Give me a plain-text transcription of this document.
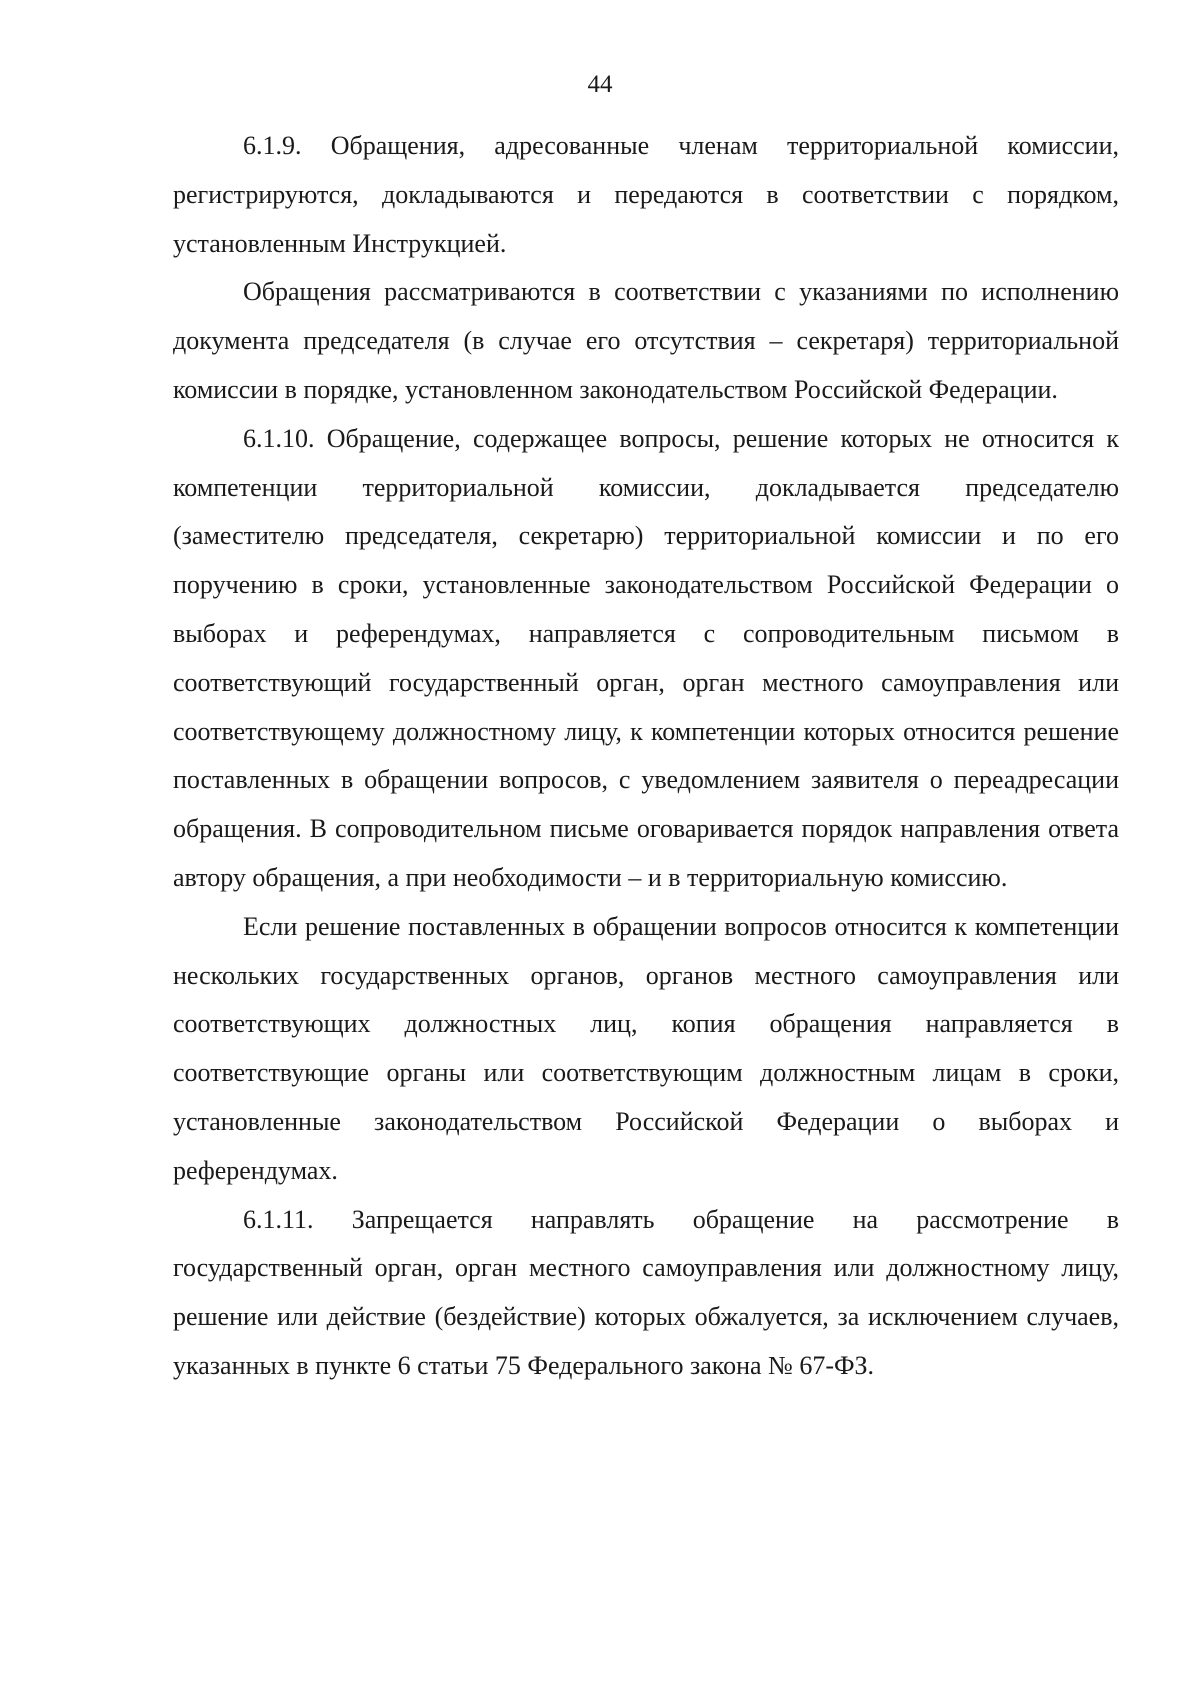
44

6.1.9. Обращения, адресованные членам территориальной комиссии, регистрируются, докладываются и передаются в соответствии с порядком, установленным Инструкцией.

Обращения рассматриваются в соответствии с указаниями по исполнению документа председателя (в случае его отсутствия – секретаря) территориальной комиссии в порядке, установленном законодательством Российской Федерации.

6.1.10. Обращение, содержащее вопросы, решение которых не относится к компетенции территориальной комиссии, докладывается председателю (заместителю председателя, секретарю) территориальной комиссии и по его поручению в сроки, установленные законодательством Российской Федерации о выборах и референдумах, направляется с сопроводительным письмом в соответствующий государственный орган, орган местного самоуправления или соответствующему должностному лицу, к компетенции которых относится решение поставленных в обращении вопросов, с уведомлением заявителя о переадресации обращения. В сопроводительном письме оговаривается порядок направления ответа автору обращения, а при необходимости – и в территориальную комиссию.

Если решение поставленных в обращении вопросов относится к компетенции нескольких государственных органов, органов местного самоуправления или соответствующих должностных лиц, копия обращения направляется в соответствующие органы или соответствующим должностным лицам в сроки, установленные законодательством Российской Федерации о выборах и референдумах.

6.1.11. Запрещается направлять обращение на рассмотрение в государственный орган, орган местного самоуправления или должностному лицу, решение или действие (бездействие) которых обжалуется, за исключением случаев, указанных в пункте 6 статьи 75 Федерального закона № 67-ФЗ.
